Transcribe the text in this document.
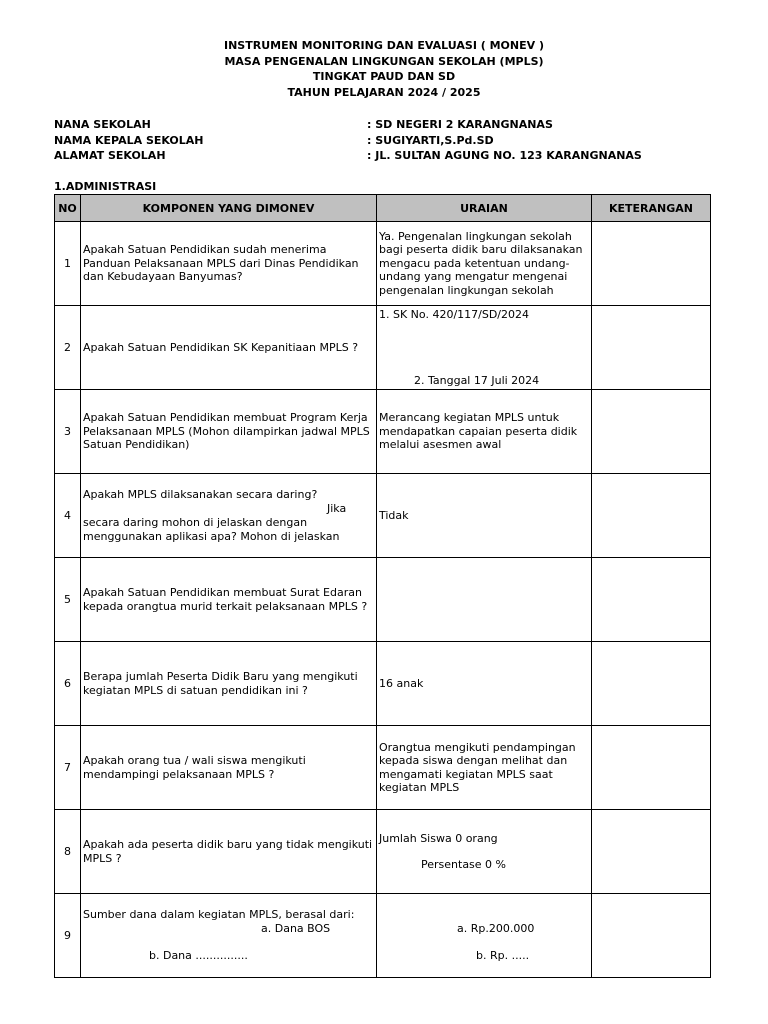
INSTRUMEN MONITORING DAN EVALUASI ( MONEV )
MASA PENGENALAN LINGKUNGAN SEKOLAH (MPLS)
TINGKAT PAUD DAN SD
TAHUN PELAJARAN 2024 / 2025
NANA SEKOLAH	: SD NEGERI 2 KARANGNANAS
NAMA KEPALA SEKOLAH	: SUGIYARTI,S.Pd.SD
ALAMAT SEKOLAH	: JL. SULTAN AGUNG NO. 123 KARANGNANAS
1.ADMINISTRASI
NO	KOMPONEN YANG DIMONEV	URAIAN	KETERANGAN
1	Apakah Satuan Pendidikan sudah menerima Panduan Pelaksanaan MPLS dari Dinas Pendidikan dan Kebudayaan Banyumas?	Ya. Pengenalan lingkungan sekolah bagi peserta didik baru dilaksanakan mengacu pada ketentuan undang-undang yang mengatur mengenai pengenalan lingkungan sekolah	
2	Apakah Satuan Pendidikan SK Kepanitiaan MPLS ?	1. SK No. 420/117/SD/2024
2. Tanggal 17 Juli 2024	

3	Apakah Satuan Pendidikan membuat Program Kerja Pelaksanaan MPLS (Mohon dilampirkan jadwal MPLS Satuan Pendidikan)	Merancang kegiatan MPLS untuk mendapatkan capaian peserta didik melalui asesmen awal	
4	Apakah MPLS dilaksanakan secara daring?
Jika
secara daring mohon di jelaskan dengan menggunakan aplikasi apa? Mohon di jelaskan	Tidak	
5	Apakah Satuan Pendidikan membuat Surat Edaran kepada orangtua murid terkait pelaksanaan MPLS ?		
6	Berapa jumlah Peserta Didik Baru yang mengikuti kegiatan MPLS di satuan pendidikan ini ?	16 anak	
7	Apakah orang tua / wali siswa mengikuti mendampingi pelaksanaan MPLS ?	Orangtua mengikuti pendampingan kepada siswa dengan melihat dan mengamati kegiatan MPLS saat kegiatan MPLS	
8	Apakah ada peserta didik baru yang tidak mengikuti MPLS ?	Jumlah Siswa 0 orang
Persentase 0 %	

9	Sumber dana dalam kegiatan MPLS, berasal dari:
a. Dana BOS
b. Dana ...............	a. Rp.200.000
b. Rp. .....	
